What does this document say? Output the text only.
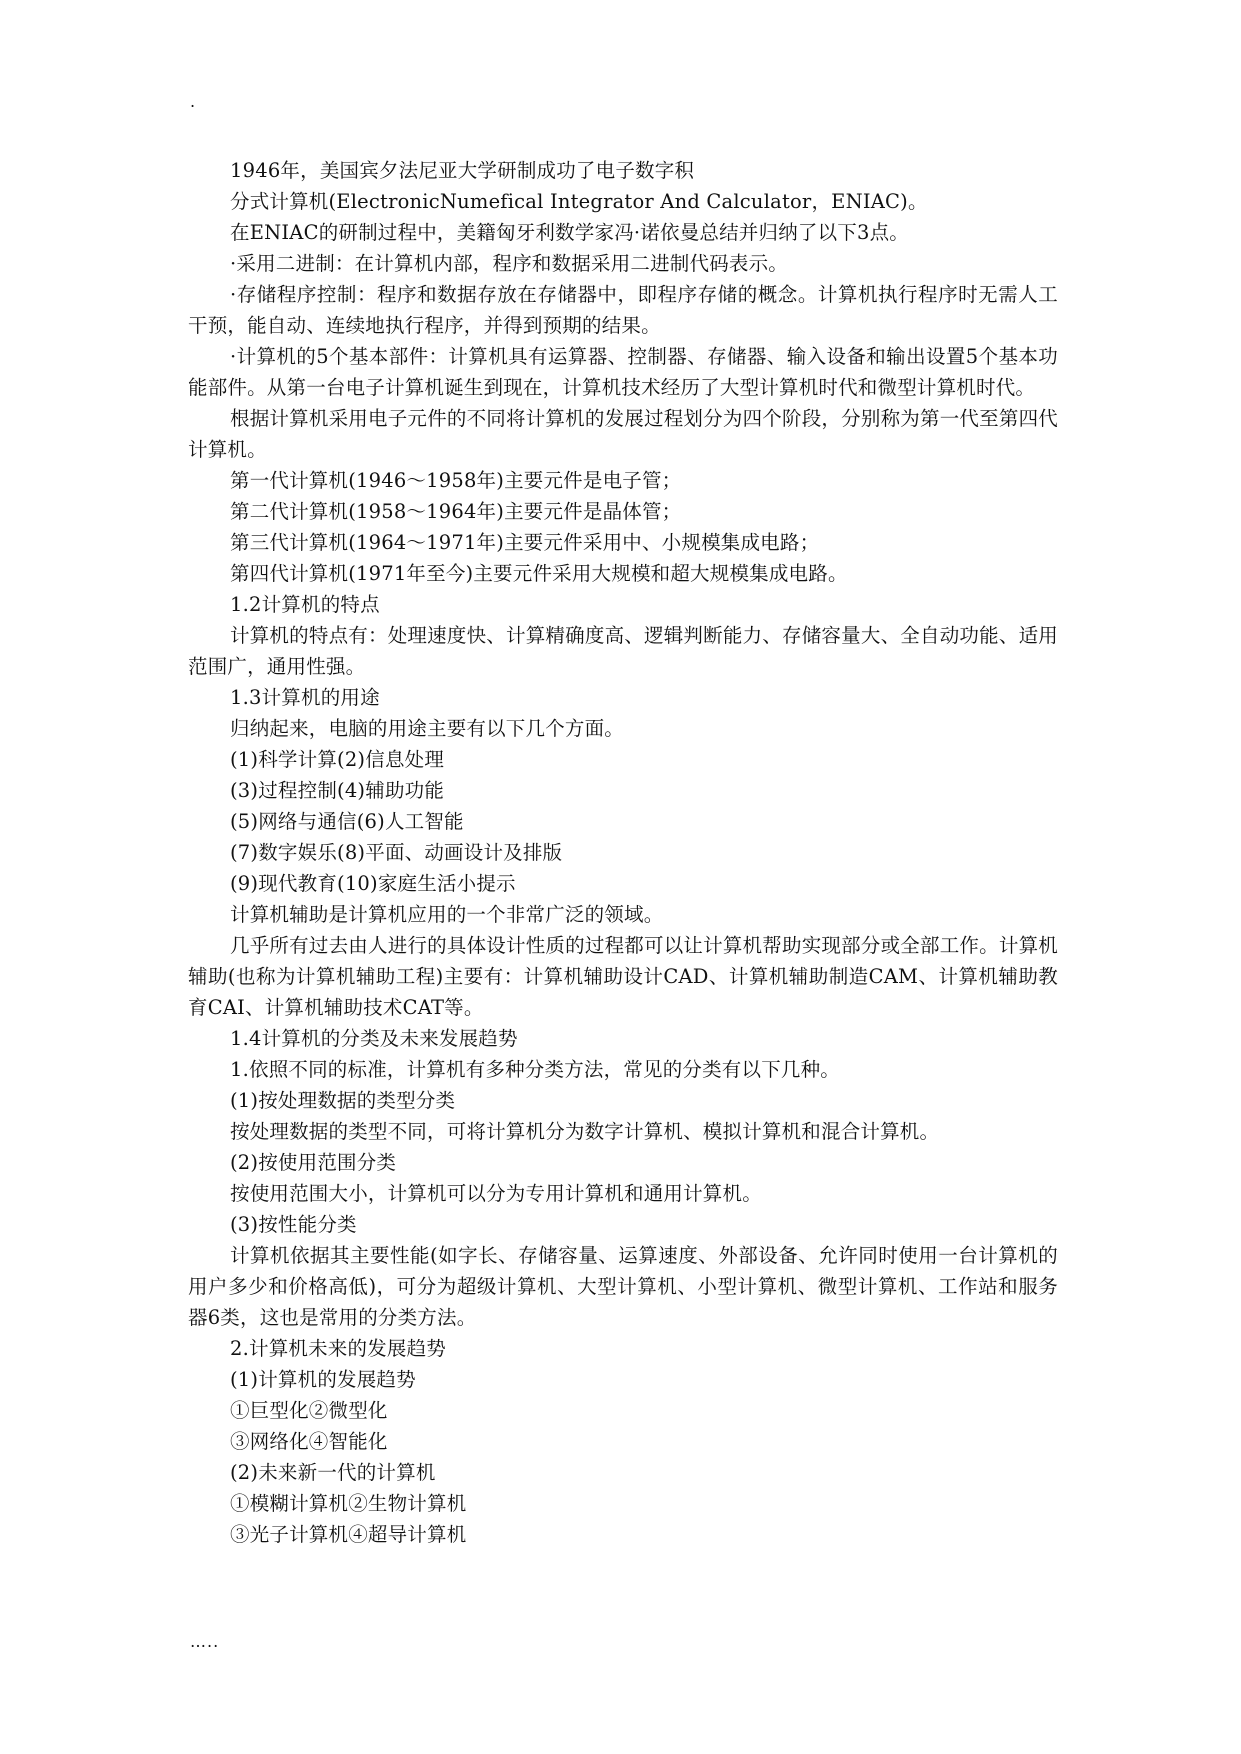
.

1946年，美国宾夕法尼亚大学研制成功了电子数字积

分式计算机(ElectronicNumefical Integrator And Calculator，ENIAC)。

在ENIAC的研制过程中，美籍匈牙利数学家冯·诺依曼总结并归纳了以下3点。

·采用二进制：在计算机内部，程序和数据采用二进制代码表示。

·存储程序控制：程序和数据存放在存储器中，即程序存储的概念。计算机执行程序时无需人工干预，能自动、连续地执行程序，并得到预期的结果。

·计算机的5个基本部件：计算机具有运算器、控制器、存储器、输入设备和输出设置5个基本功能部件。从第一台电子计算机诞生到现在，计算机技术经历了大型计算机时代和微型计算机时代。

根据计算机采用电子元件的不同将计算机的发展过程划分为四个阶段，分别称为第一代至第四代计算机。

第一代计算机(1946～1958年)主要元件是电子管；

第二代计算机(1958～1964年)主要元件是晶体管；

第三代计算机(1964～1971年)主要元件采用中、小规模集成电路；

第四代计算机(1971年至今)主要元件采用大规模和超大规模集成电路。

1.2计算机的特点

计算机的特点有：处理速度快、计算精确度高、逻辑判断能力、存储容量大、全自动功能、适用范围广，通用性强。

1.3计算机的用途

归纳起来，电脑的用途主要有以下几个方面。

(1)科学计算(2)信息处理

(3)过程控制(4)辅助功能

(5)网络与通信(6)人工智能

(7)数字娱乐(8)平面、动画设计及排版

(9)现代教育(10)家庭生活小提示

计算机辅助是计算机应用的一个非常广泛的领域。

几乎所有过去由人进行的具体设计性质的过程都可以让计算机帮助实现部分或全部工作。计算机辅助(也称为计算机辅助工程)主要有：计算机辅助设计CAD、计算机辅助制造CAM、计算机辅助教育CAI、计算机辅助技术CAT等。

1.4计算机的分类及未来发展趋势

1.依照不同的标准，计算机有多种分类方法，常见的分类有以下几种。

(1)按处理数据的类型分类

按处理数据的类型不同，可将计算机分为数字计算机、模拟计算机和混合计算机。

(2)按使用范围分类

按使用范围大小，计算机可以分为专用计算机和通用计算机。

(3)按性能分类

计算机依据其主要性能(如字长、存储容量、运算速度、外部设备、允许同时使用一台计算机的用户多少和价格高低)，可分为超级计算机、大型计算机、小型计算机、微型计算机、工作站和服务器6类，这也是常用的分类方法。

2.计算机未来的发展趋势

(1)计算机的发展趋势

①巨型化②微型化

③网络化④智能化

(2)未来新一代的计算机

①模糊计算机②生物计算机

③光子计算机④超导计算机

…..
